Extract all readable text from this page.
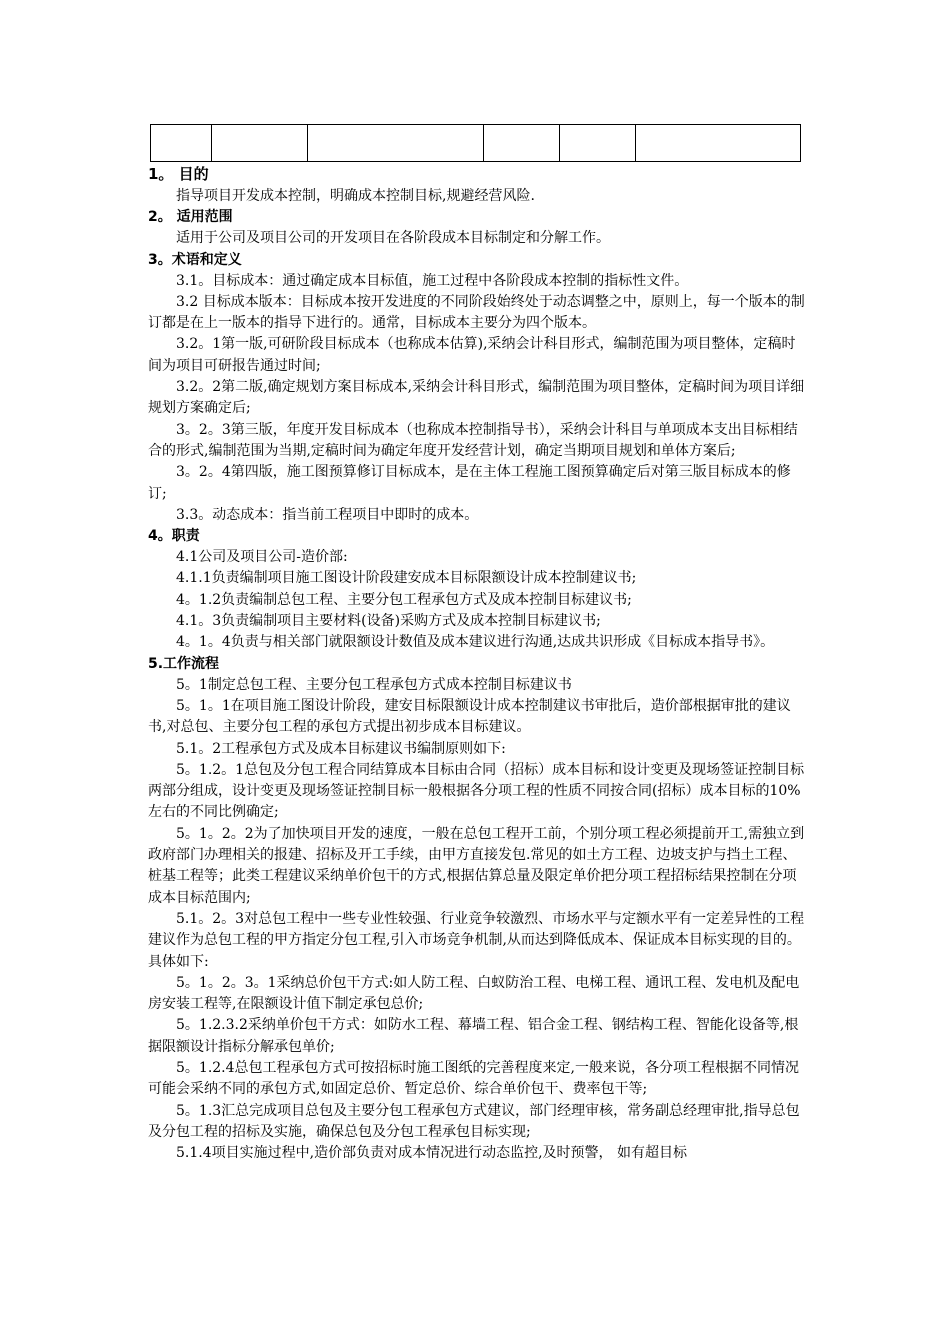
1。 目的

指导项目开发成本控制，明确成本控制目标,规避经营风险.

2。 适用范围

适用于公司及项目公司的开发项目在各阶段成本目标制定和分解工作。

3。术语和定义

3.1。目标成本：通过确定成本目标值，施工过程中各阶段成本控制的指标性文件。

3.2 目标成本版本：目标成本按开发进度的不同阶段始终处于动态调整之中，原则上，每一个版本的制订都是在上一版本的指导下进行的。通常，目标成本主要分为四个版本。

3.2。1第一版,可研阶段目标成本（也称成本估算),采纳会计科目形式，编制范围为项目整体，定稿时间为项目可研报告通过时间;

3.2。2第二版,确定规划方案目标成本,采纳会计科目形式，编制范围为项目整体，定稿时间为项目详细规划方案确定后;

3。2。3第三版，年度开发目标成本（也称成本控制指导书），采纳会计科目与单项成本支出目标相结合的形式,编制范围为当期,定稿时间为确定年度开发经营计划，确定当期项目规划和单体方案后;

3。2。4第四版，施工图预算修订目标成本，是在主体工程施工图预算确定后对第三版目标成本的修订;

3.3。动态成本：指当前工程项目中即时的成本。

4。职责

4.1公司及项目公司-造价部:

4.1.1负责编制项目施工图设计阶段建安成本目标限额设计成本控制建议书;

4。1.2负责编制总包工程、主要分包工程承包方式及成本控制目标建议书;

4.1。3负责编制项目主要材料(设备)采购方式及成本控制目标建议书;

4。1。4负责与相关部门就限额设计数值及成本建议进行沟通,达成共识形成《目标成本指导书》。

5.工作流程

5。1制定总包工程、主要分包工程承包方式成本控制目标建议书

5。1。1在项目施工图设计阶段，建安目标限额设计成本控制建议书审批后，造价部根据审批的建议书,对总包、主要分包工程的承包方式提出初步成本目标建议。

5.1。2工程承包方式及成本目标建议书编制原则如下:

5。1.2。1总包及分包工程合同结算成本目标由合同（招标）成本目标和设计变更及现场签证控制目标两部分组成，设计变更及现场签证控制目标一般根据各分项工程的性质不同按合同(招标）成本目标的10%左右的不同比例确定;

5。1。2。2为了加快项目开发的速度，一般在总包工程开工前，个别分项工程必须提前开工,需独立到政府部门办理相关的报建、招标及开工手续，由甲方直接发包.常见的如土方工程、边坡支护与挡土工程、桩基工程等；此类工程建议采纳单价包干的方式,根据估算总量及限定单价把分项工程招标结果控制在分项成本目标范围内;

5.1。2。3对总包工程中一些专业性较强、行业竞争较激烈、市场水平与定额水平有一定差异性的工程建议作为总包工程的甲方指定分包工程,引入市场竞争机制,从而达到降低成本、保证成本目标实现的目的。具体如下:

5。1。2。3。1采纳总价包干方式:如人防工程、白蚁防治工程、电梯工程、通讯工程、发电机及配电房安装工程等,在限额设计值下制定承包总价;

5。1.2.3.2采纳单价包干方式：如防水工程、幕墙工程、铝合金工程、钢结构工程、智能化设备等,根据限额设计指标分解承包单价;

5。1.2.4总包工程承包方式可按招标时施工图纸的完善程度来定,一般来说，各分项工程根据不同情况可能会采纳不同的承包方式,如固定总价、暂定总价、综合单价包干、费率包干等;

5。1.3汇总完成项目总包及主要分包工程承包方式建议，部门经理审核，常务副总经理审批,指导总包及分包工程的招标及实施，确保总包及分包工程承包目标实现;

5.1.4项目实施过程中,造价部负责对成本情况进行动态监控,及时预警， 如有超目标
